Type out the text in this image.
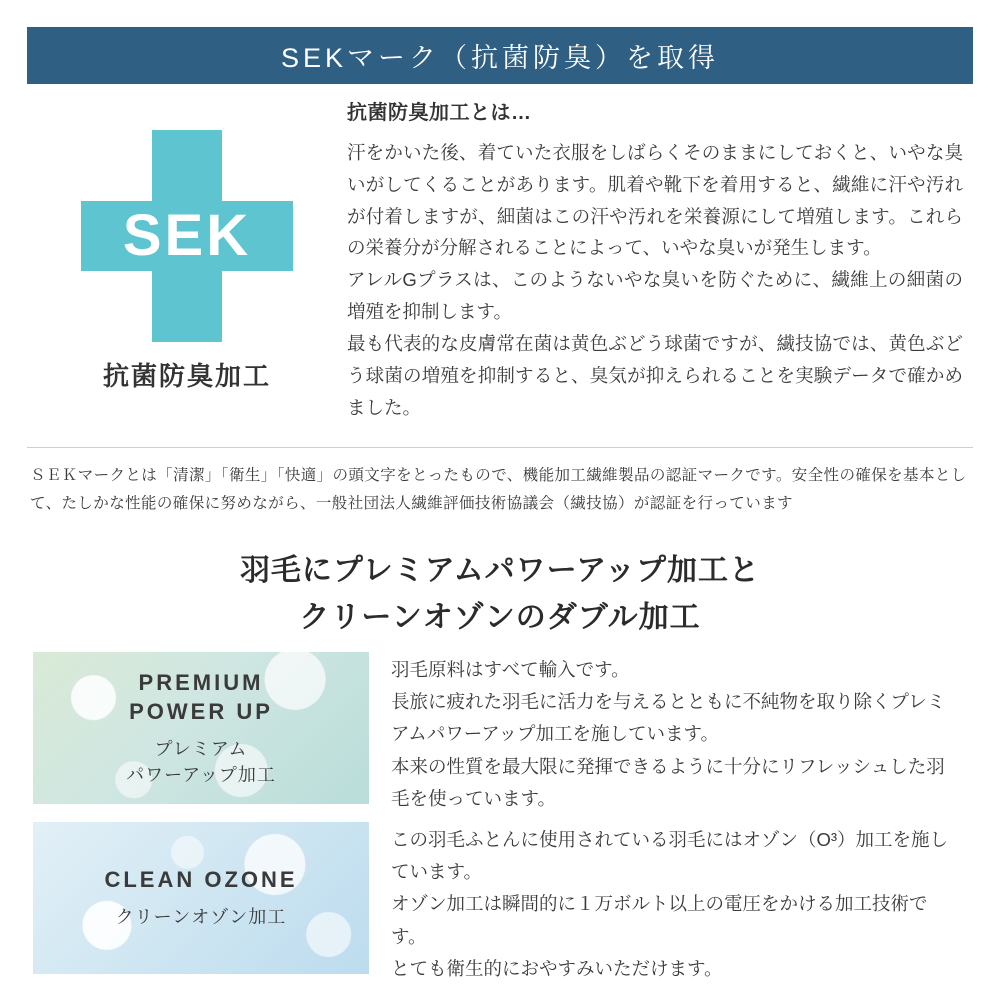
SEKマーク（抗菌防臭）を取得
SEK
抗菌防臭加工
抗菌防臭加工とは…

汗をかいた後、着ていた衣服をしばらくそのままにしておくと、いやな臭いがしてくることがあります。肌着や靴下を着用すると、繊維に汗や汚れが付着しますが、細菌はこの汗や汚れを栄養源にして増殖します。これらの栄養分が分解されることによって、いやな臭いが発生します。
アレルGプラスは、このようないやな臭いを防ぐために、繊維上の細菌の増殖を抑制します。
最も代表的な皮膚常在菌は黄色ぶどう球菌ですが、繊技協では、黄色ぶどう球菌の増殖を抑制すると、臭気が抑えられることを実験データで確かめました。

ＳＥＫマークとは「清潔」「衛生」「快適」の頭文字をとったもので、機能加工繊維製品の認証マークです。安全性の確保を基本として、たしかな性能の確保に努めながら、一般社団法人繊維評価技術協議会（繊技協）が認証を行っています
羽毛にプレミアムパワーアップ加工と
クリーンオゾンのダブル加工
PREMIUM
POWER UP
プレミアム
パワーアップ加工

羽毛原料はすべて輸入です。
長旅に疲れた羽毛に活力を与えるとともに不純物を取り除くプレミアムパワーアップ加工を施しています。
本来の性質を最大限に発揮できるように十分にリフレッシュした羽毛を使っています。

CLEAN OZONE
クリーンオゾン加工

この羽毛ふとんに使用されている羽毛にはオゾン（O³）加工を施しています。
オゾン加工は瞬間的に１万ボルト以上の電圧をかける加工技術です。
とても衛生的におやすみいただけます。
